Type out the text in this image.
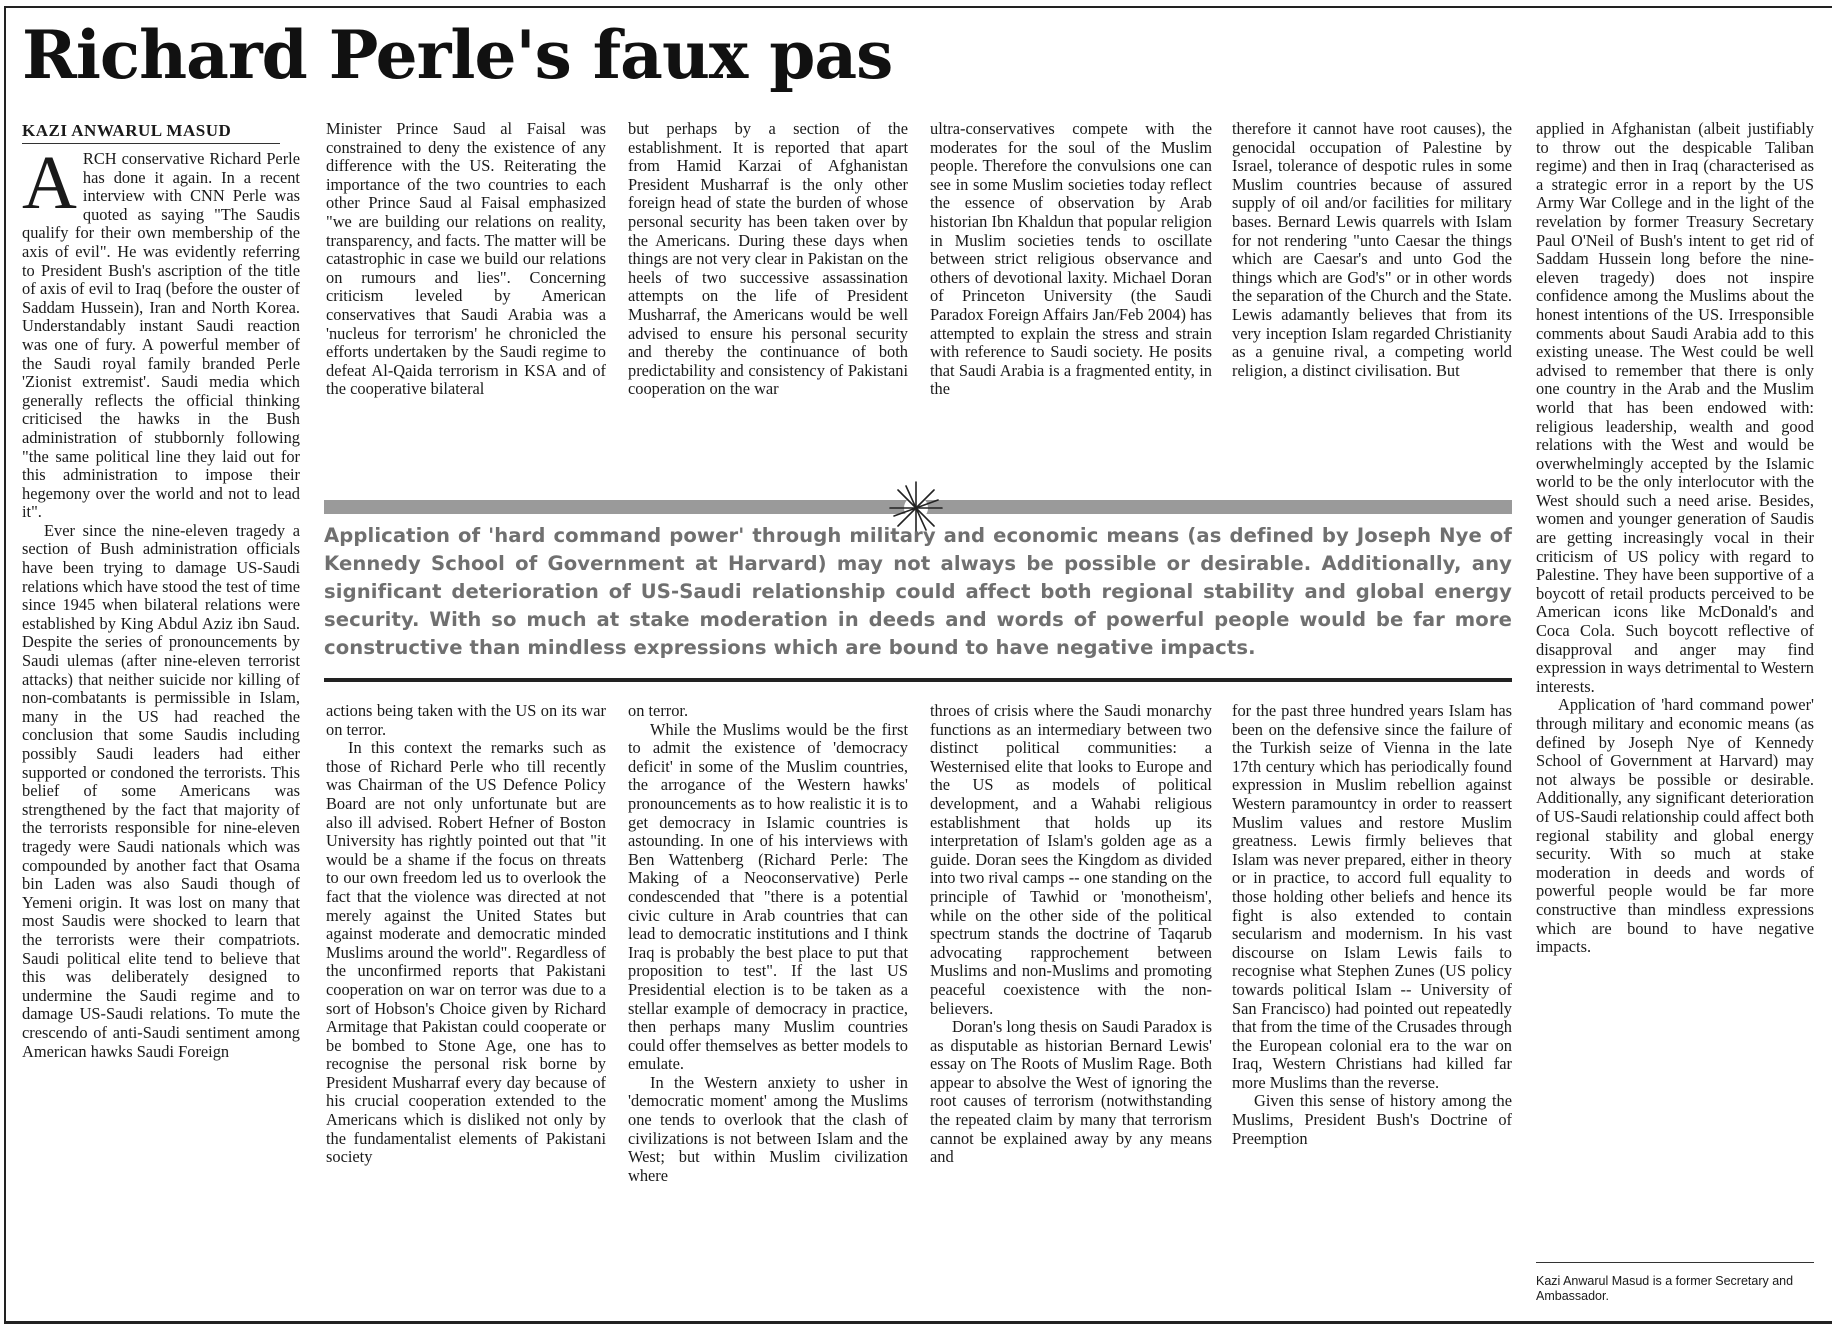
Richard Perle's faux pas
KAZI ANWARUL MASUD

ARCH conservative Richard Perle has done it again. In a recent interview with CNN Perle was quoted as saying "The Saudis qualify for their own membership of the axis of evil". He was evidently referring to President Bush's ascription of the title of axis of evil to Iraq (before the ouster of Saddam Hussein), Iran and North Korea. Understandably instant Saudi reaction was one of fury. A powerful member of the Saudi royal family branded Perle 'Zionist extremist'. Saudi media which generally reflects the official thinking criticised the hawks in the Bush administration of stubbornly following "the same political line they laid out for this administration to impose their hegemony over the world and not to lead it".

Ever since the nine-eleven tragedy a section of Bush administration officials have been trying to damage US-Saudi relations which have stood the test of time since 1945 when bilateral relations were established by King Abdul Aziz ibn Saud. Despite the series of pronouncements by Saudi ulemas (after nine-eleven terrorist attacks) that neither suicide nor killing of non-combatants is permissible in Islam, many in the US had reached the conclusion that some Saudis including possibly Saudi leaders had either supported or condoned the terrorists. This belief of some Americans was strengthened by the fact that majority of the terrorists responsible for nine-eleven tragedy were Saudi nationals which was compounded by another fact that Osama bin Laden was also Saudi though of Yemeni origin. It was lost on many that most Saudis were shocked to learn that the terrorists were their compatriots. Saudi political elite tend to believe that this was deliberately designed to undermine the Saudi regime and to damage US-Saudi relations. To mute the crescendo of anti-Saudi sentiment among American hawks Saudi Foreign

Minister Prince Saud al Faisal was constrained to deny the existence of any difference with the US. Reiterating the importance of the two countries to each other Prince Saud al Faisal emphasized "we are building our relations on reality, transparency, and facts. The matter will be catastrophic in case we build our relations on rumours and lies". Concerning criticism leveled by American conservatives that Saudi Arabia was a 'nucleus for terrorism' he chronicled the efforts undertaken by the Saudi regime to defeat Al-Qaida terrorism in KSA and of the cooperative bilateral

but perhaps by a section of the establishment. It is reported that apart from Hamid Karzai of Afghanistan President Musharraf is the only other foreign head of state the burden of whose personal security has been taken over by the Americans. During these days when things are not very clear in Pakistan on the heels of two successive assassination attempts on the life of President Musharraf, the Americans would be well advised to ensure his personal security and thereby the continuance of both predictability and consistency of Pakistani cooperation on the war

ultra-conservatives compete with the moderates for the soul of the Muslim people. Therefore the convulsions one can see in some Muslim societies today reflect the essence of observation by Arab historian Ibn Khaldun that popular religion in Muslim societies tends to oscillate between strict religious observance and others of devotional laxity. Michael Doran of Princeton University (the Saudi Paradox Foreign Affairs Jan/Feb 2004) has attempted to explain the stress and strain with reference to Saudi society. He posits that Saudi Arabia is a fragmented entity, in the

therefore it cannot have root causes), the genocidal occupation of Palestine by Israel, tolerance of despotic rules in some Muslim countries because of assured supply of oil and/or facilities for military bases. Bernard Lewis quarrels with Islam for not rendering "unto Caesar the things which are Caesar's and unto God the things which are God's" or in other words the separation of the Church and the State. Lewis adamantly believes that from its very inception Islam regarded Christianity as a genuine rival, a competing world religion, a distinct civilisation. But

applied in Afghanistan (albeit justifiably to throw out the despicable Taliban regime) and then in Iraq (characterised as a strategic error in a report by the US Army War College and in the light of the revelation by former Treasury Secretary Paul O'Neil of Bush's intent to get rid of Saddam Hussein long before the nine-eleven tragedy) does not inspire confidence among the Muslims about the honest intentions of the US. Irresponsible comments about Saudi Arabia add to this existing unease. The West could be well advised to remember that there is only one country in the Arab and the Muslim world that has been endowed with: religious leadership, wealth and good relations with the West and would be overwhelmingly accepted by the Islamic world to be the only interlocutor with the West should such a need arise. Besides, women and younger generation of Saudis are getting increasingly vocal in their criticism of US policy with regard to Palestine. They have been supportive of a boycott of retail products perceived to be American icons like McDonald's and Coca Cola. Such boycott reflective of disapproval and anger may find expression in ways detrimental to Western interests.

Application of 'hard command power' through military and economic means (as defined by Joseph Nye of Kennedy School of Government at Harvard) may not always be possible or desirable. Additionally, any significant deterioration of US-Saudi relationship could affect both regional stability and global energy security. With so much at stake moderation in deeds and words of powerful people would be far more constructive than mindless expressions which are bound to have negative impacts.

Application of 'hard command power' through military and economic means (as defined by Joseph Nye of Kennedy School of Government at Harvard) may not always be possible or desirable. Additionally, any significant deterioration of US-Saudi relationship could affect both regional stability and global energy security. With so much at stake moderation in deeds and words of powerful people would be far more constructive than mindless expressions which are bound to have negative impacts.

actions being taken with the US on its war on terror.

In this context the remarks such as those of Richard Perle who till recently was Chairman of the US Defence Policy Board are not only unfortunate but are also ill advised. Robert Hefner of Boston University has rightly pointed out that "it would be a shame if the focus on threats to our own freedom led us to overlook the fact that the violence was directed at not merely against the United States but against moderate and democratic minded Muslims around the world". Regardless of the unconfirmed reports that Pakistani cooperation on war on terror was due to a sort of Hobson's Choice given by Richard Armitage that Pakistan could cooperate or be bombed to Stone Age, one has to recognise the personal risk borne by President Musharraf every day because of his crucial cooperation extended to the Americans which is disliked not only by the fundamentalist elements of Pakistani society

on terror.

While the Muslims would be the first to admit the existence of 'democracy deficit' in some of the Muslim countries, the arrogance of the Western hawks' pronouncements as to how realistic it is to get democracy in Islamic countries is astounding. In one of his interviews with Ben Wattenberg (Richard Perle: The Making of a Neoconservative) Perle condescended that "there is a potential civic culture in Arab countries that can lead to democratic institutions and I think Iraq is probably the best place to put that proposition to test". If the last US Presidential election is to be taken as a stellar example of democracy in practice, then perhaps many Muslim countries could offer themselves as better models to emulate.

In the Western anxiety to usher in 'democratic moment' among the Muslims one tends to overlook that the clash of civilizations is not between Islam and the West; but within Muslim civilization where

throes of crisis where the Saudi monarchy functions as an intermediary between two distinct political communities: a Westernised elite that looks to Europe and the US as models of political development, and a Wahabi religious establishment that holds up its interpretation of Islam's golden age as a guide. Doran sees the Kingdom as divided into two rival camps -- one standing on the principle of Tawhid or 'monotheism', while on the other side of the political spectrum stands the doctrine of Taqarub advocating rapprochement between Muslims and non-Muslims and promoting peaceful coexistence with the non-believers.

Doran's long thesis on Saudi Paradox is as disputable as historian Bernard Lewis' essay on The Roots of Muslim Rage. Both appear to absolve the West of ignoring the root causes of terrorism (notwithstanding the repeated claim by many that terrorism cannot be explained away by any means and

for the past three hundred years Islam has been on the defensive since the failure of the Turkish seize of Vienna in the late 17th century which has periodically found expression in Muslim rebellion against Western paramountcy in order to reassert Muslim values and restore Muslim greatness. Lewis firmly believes that Islam was never prepared, either in theory or in practice, to accord full equality to those holding other beliefs and hence its fight is also extended to contain secularism and modernism. In his vast discourse on Islam Lewis fails to recognise what Stephen Zunes (US policy towards political Islam -- University of San Francisco) had pointed out repeatedly that from the time of the Crusades through the European colonial era to the war on Iraq, Western Christians had killed far more Muslims than the reverse.

Given this sense of history among the Muslims, President Bush's Doctrine of Preemption

Kazi Anwarul Masud is a former Secretary and Ambassador.
